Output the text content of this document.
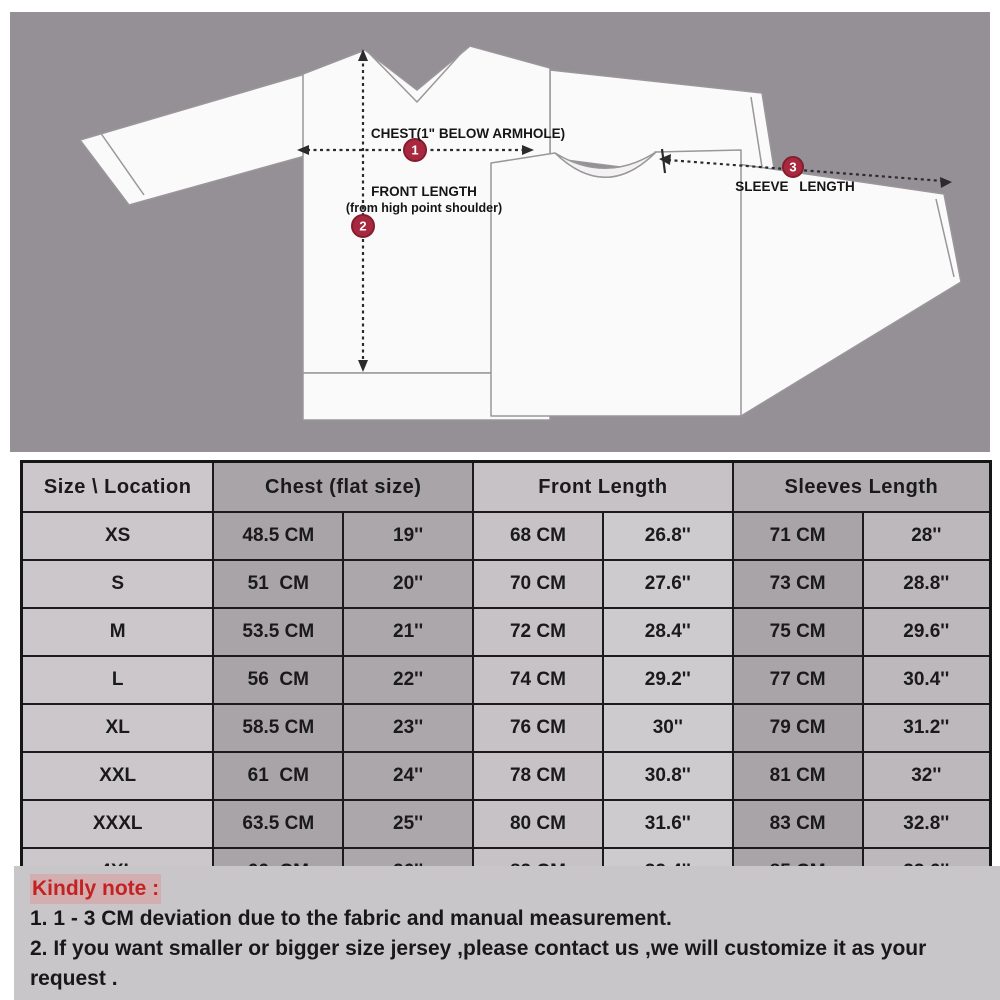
1
2
3
CHEST(1" BELOW ARMHOLE)
FRONT LENGTH
(from high point shoulder)
SLEEVE LENGTH
Size \ Location	Chest (flat size)		Front Length		Sleeves Length	
XS	48.5 CM	19''	68 CM	26.8''	71 CM	28''
S	51  CM	20''	70 CM	27.6''	73 CM	28.8''
M	53.5 CM	21''	72 CM	28.4''	75 CM	29.6''
L	56  CM	22''	74 CM	29.2''	77 CM	30.4''
XL	58.5 CM	23''	76 CM	30''	79 CM	31.2''
XXL	61  CM	24''	78 CM	30.8''	81 CM	32''
XXXL	63.5 CM	25''	80 CM	31.6''	83 CM	32.8''

Kindly note :

1. 1 - 3 CM deviation due to the fabric and manual measurement.

2. If you want smaller or bigger size jersey ,please contact us ,we will customize it as your request .
